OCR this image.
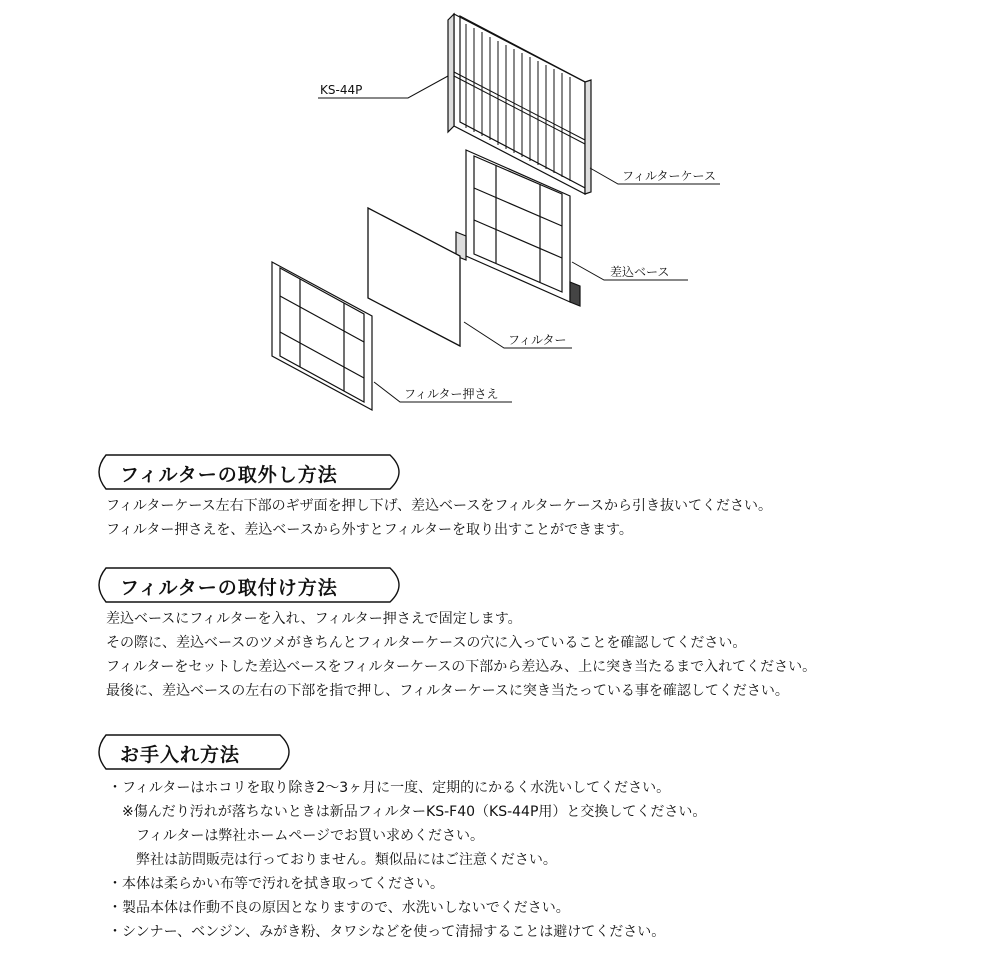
KS-44P
フィルターケース
差込ベース
フィルター
フィルター押さえ
フィルターの取外し方法
フィルターケース左右下部のギザ面を押し下げ、差込ベースをフィルターケースから引き抜いてください。
フィルター押さえを、差込ベースから外すとフィルターを取り出すことができます。
フィルターの取付け方法
差込ベースにフィルターを入れ、フィルター押さえで固定します。
その際に、差込ベースのツメがきちんとフィルターケースの穴に入っていることを確認してください。
フィルターをセットした差込ベースをフィルターケースの下部から差込み、上に突き当たるまで入れてください。
最後に、差込ベースの左右の下部を指で押し、フィルターケースに突き当たっている事を確認してください。
お手入れ方法
・フィルターはホコリを取り除き2～3ヶ月に一度、定期的にかるく水洗いしてください。
※傷んだり汚れが落ちないときは新品フィルターKS-F40（KS-44P用）と交換してください。
フィルターは弊社ホームページでお買い求めください。
弊社は訪問販売は行っておりません。類似品にはご注意ください。
・本体は柔らかい布等で汚れを拭き取ってください。
・製品本体は作動不良の原因となりますので、水洗いしないでください。
・シンナー、ベンジン、みがき粉、タワシなどを使って清掃することは避けてください。
